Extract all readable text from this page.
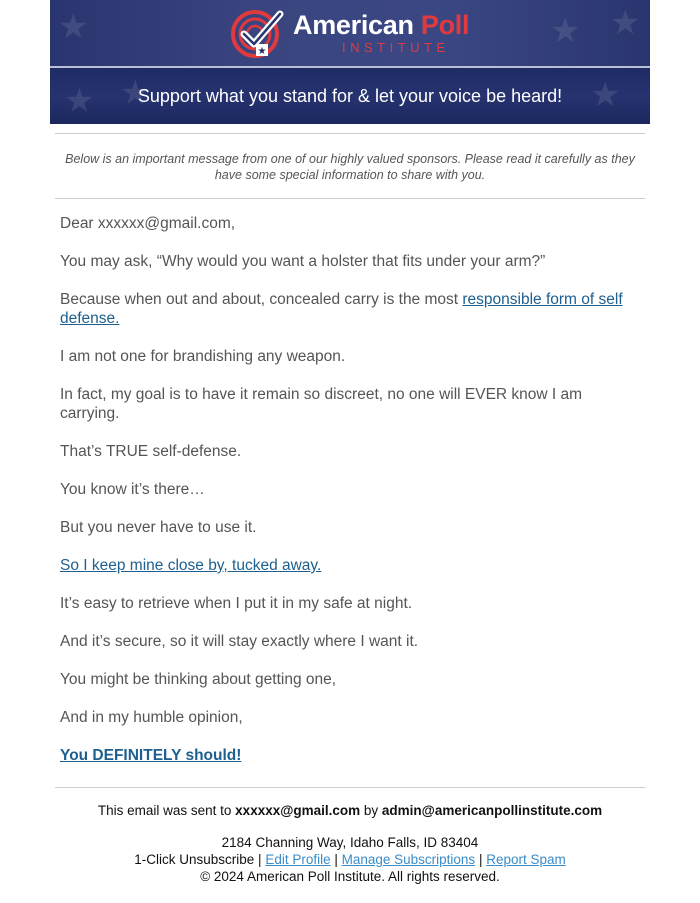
★
★
★	★
★ ★
★
American Poll
INSTITUTE
Support what you stand for & let your voice be heard!
Below is an important message from one of our highly valued sponsors. Please read it carefully as they have some special information to share with you.

Dear xxxxxx@gmail.com,

You may ask, “Why would you want a holster that fits under your arm?”

Because when out and about, concealed carry is the most responsible form of self defense.

I am not one for brandishing any weapon.

In fact, my goal is to have it remain so discreet, no one will EVER know I am carrying.

That’s TRUE self-defense.

You know it’s there…

But you never have to use it.

So I keep mine close by, tucked away.

It’s easy to retrieve when I put it in my safe at night.

And it’s secure, so it will stay exactly where I want it.

You might be thinking about getting one,

And in my humble opinion,

You DEFINITELY should!

This email was sent to xxxxxx@gmail.com by admin@americanpollinstitute.com

2184 Channing Way, Idaho Falls, ID 83404

1-Click Unsubscribe | Edit Profile | Manage Subscriptions | Report Spam

© 2024 American Poll Institute. All rights reserved.
